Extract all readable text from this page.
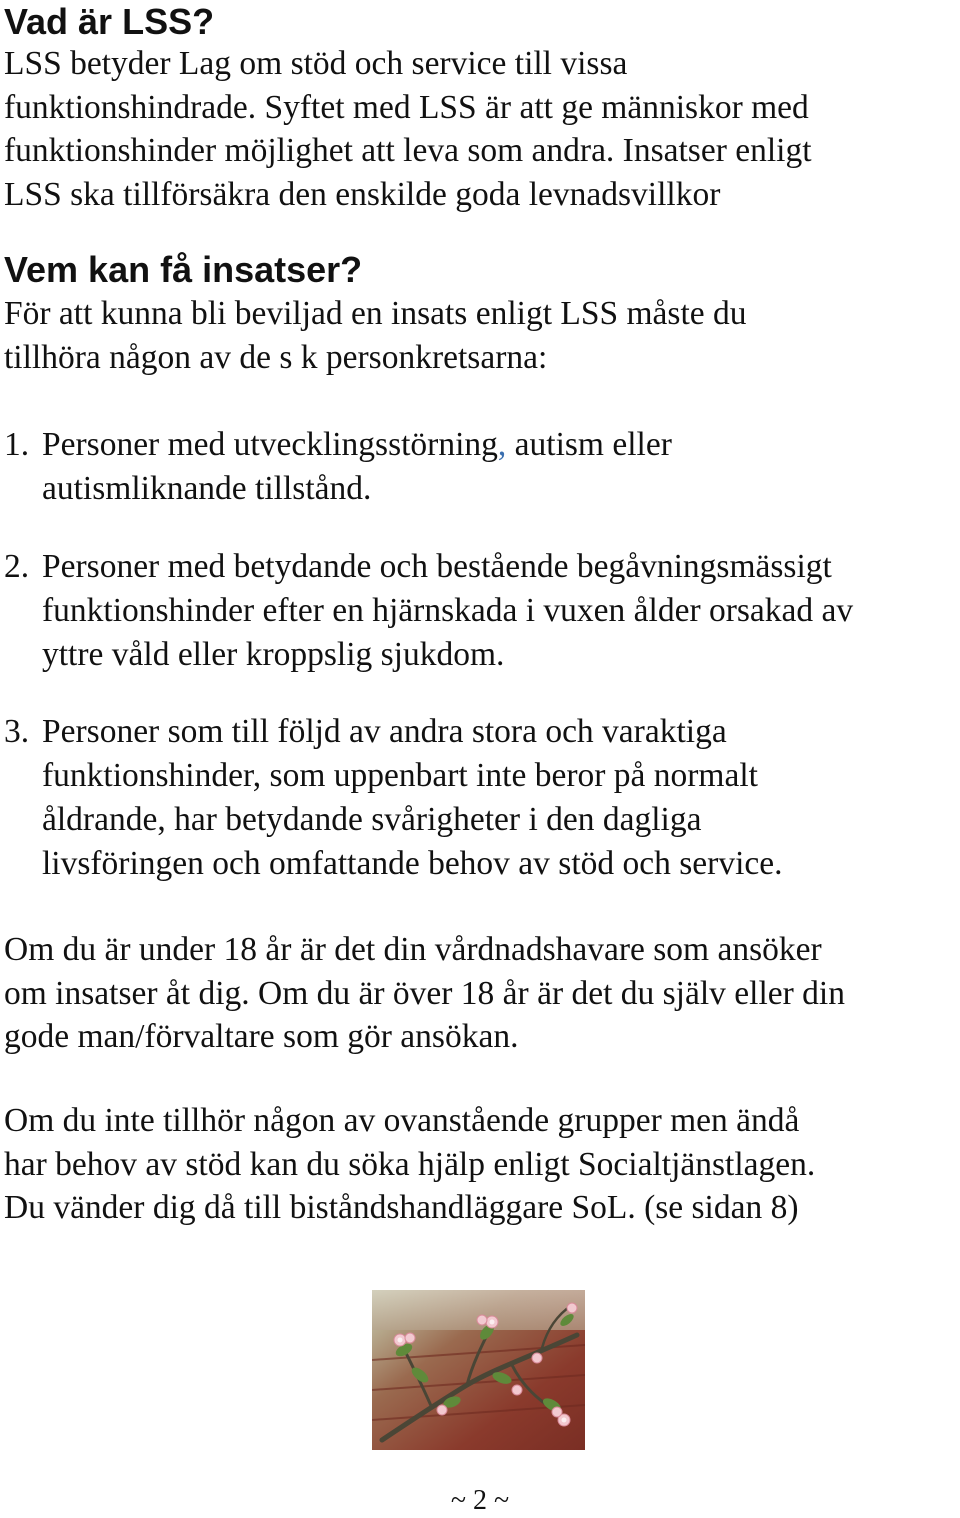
Vad är LSS?

LSS betyder Lag om stöd och service till vissa
funktionshindrade. Syftet med LSS är att ge människor med
funktionshinder möjlighet att leva som andra. Insatser enligt
LSS ska tillförsäkra den enskilde goda levnadsvillkor

Vem kan få insatser?

För att kunna bli beviljad en insats enligt LSS måste du
tillhöra någon av de s k personkretsarna:

1. Personer med utvecklingsstörning, autism eller
autismliknande tillstånd.
2. Personer med betydande och bestående begåvningsmässigt
funktionshinder efter en hjärnskada i vuxen ålder orsakad av
yttre våld eller kroppslig sjukdom.
3. Personer som till följd av andra stora och varaktiga
funktionshinder, som uppenbart inte beror på normalt
åldrande, har betydande svårigheter i den dagliga
livsföringen och omfattande behov av stöd och service.

Om du är under 18 år är det din vårdnadshavare som ansöker
om insatser åt dig. Om du är över 18 år är det du själv eller din
gode man/förvaltare som gör ansökan.

Om du inte tillhör någon av ovanstående grupper men ändå
har behov av stöd kan du söka hjälp enligt Socialtjänstlagen.
Du vänder dig då till biståndshandläggare SoL. (se sidan 8)

~ 2 ~
